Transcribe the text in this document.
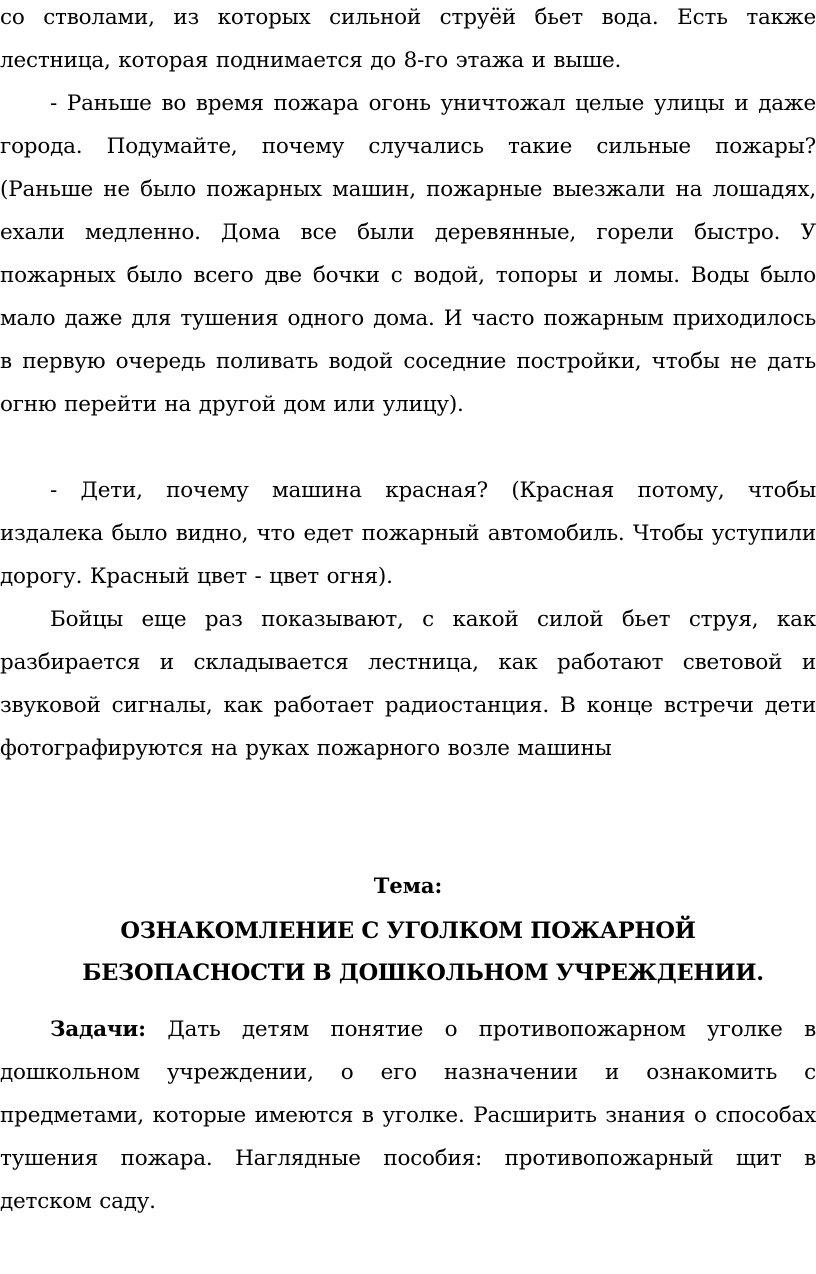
со стволами, из которых сильной струёй бьет вода. Есть также лестница, которая поднимается до 8-го этажа и выше.

- Раньше во время пожара огонь уничтожал целые улицы и даже города. Подумайте, почему случались такие сильные пожары? (Раньше не было пожарных машин, пожарные выезжали на лошадях, ехали медленно. Дома все были деревянные, горели быстро. У пожарных было всего две бочки с водой, топоры и ломы. Воды было мало даже для тушения одного дома. И часто пожарным приходилось в первую очередь поливать водой соседние постройки, чтобы не дать огню перейти на другой дом или улицу).

- Дети, почему машина красная? (Красная потому, чтобы издалека было видно, что едет пожарный автомобиль. Чтобы уступили дорогу. Красный цвет - цвет огня).

Бойцы еще раз показывают, с какой силой бьет струя, как разбирается и складывается лестница, как работают световой и звуковой сигналы, как работает радиостанция. В конце встречи дети фотографируются на руках пожарного возле машины

Тема:

ОЗНАКОМЛЕНИЕ С УГОЛКОМ ПОЖАРНОЙ
БЕЗОПАСНОСТИ В ДОШКОЛЬНОМ УЧРЕЖДЕНИИ.

Задачи: Дать детям понятие о противопожарном уголке в дошкольном учреждении, о его назначении и ознакомить с предметами, которые имеются в уголке. Расширить знания о способах тушения пожара. Наглядные пособия: противопожарный щит в детском саду.
